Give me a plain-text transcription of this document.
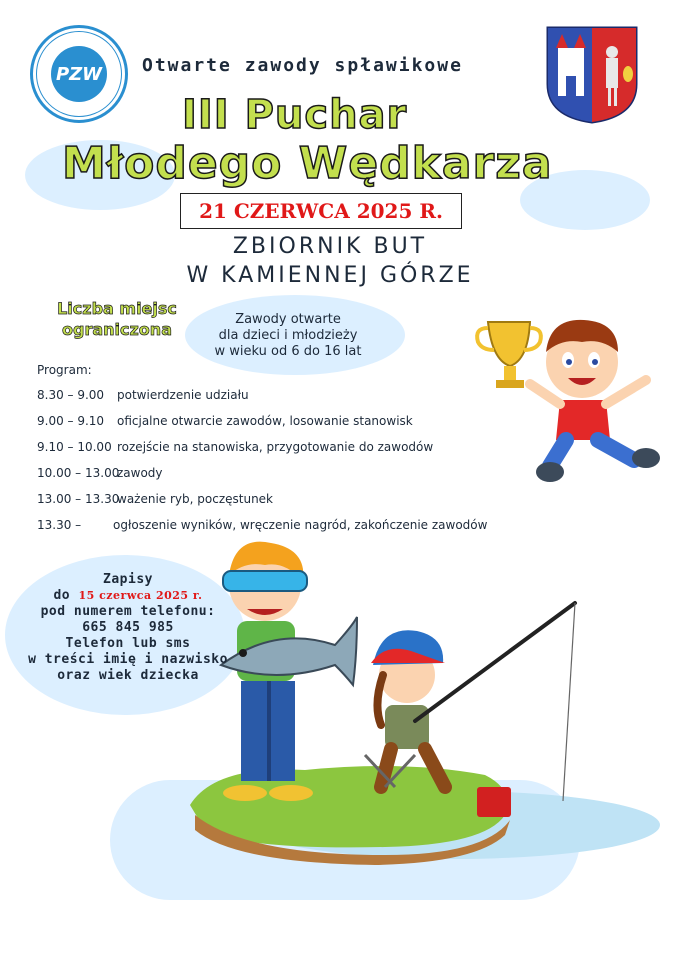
PZW Otwarte zawody spławikowe
III Puchar
Młodego Wędkarza
21 CZERWCA 2025 R.
ZBIORNIK BUT
W KAMIENNEJ GÓRZE
Liczba miejsc
ograniczona
Zawody otwarte
dla dzieci i młodzieży
w wieku od 6 do 16 lat
Program:
8.30 – 9.00 potwierdzenie udziału
9.00 – 9.10 oficjalne otwarcie zawodów, losowanie stanowisk
9.10 – 10.00 rozejście na stanowiska, przygotowanie do zawodów
10.00 – 13.00zawody
13.00 – 13.30ważenie ryb, poczęstunek
13.30 –	ogłoszenie wyników, wręczenie nagród, zakończenie zawodów
Zapisy
do 15 czerwca 2025 r.
pod numerem telefonu:
665 845 985
Telefon lub sms
w treści imię i nazwisko
oraz wiek dziecka
